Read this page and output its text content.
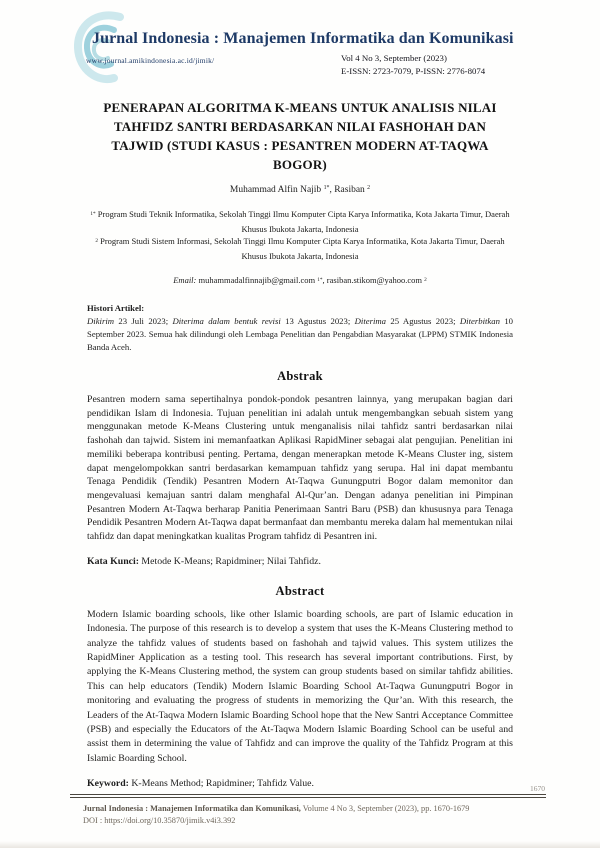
Jurnal Indonesia : Manajemen Informatika dan Komunikasi
www.journal.amikindonesia.ac.id/jimik/	Vol 4 No 3, September (2023)
E-ISSN: 2723-7079, P-ISSN: 2776-8074
PENERAPAN ALGORITMA K-MEANS UNTUK ANALISIS NILAI TAHFIDZ SANTRI BERDASARKAN NILAI FASHOHAH DAN TAJWID (STUDI KASUS : PESANTREN MODERN AT-TAQWA BOGOR)
Muhammad Alfin Najib $^{1*}$, Rasiban $^2$
$^{1*}$ Program Studi Teknik Informatika, Sekolah Tinggi Ilmu Komputer Cipta Karya Informatika, Kota Jakarta Timur, Daerah Khusus Ibukota Jakarta, Indonesia
$^2$ Program Studi Sistem Informasi, Sekolah Tinggi Ilmu Komputer Cipta Karya Informatika, Kota Jakarta Timur, Daerah Khusus Ibukota Jakarta, Indonesia
Email: muhammadalfinnajib@gmail.com $^{1*}$, rasiban.stikom@yahoo.com $^2$
Histori Artikel:
Dikirim 23 Juli 2023; Diterima dalam bentuk revisi 13 Agustus 2023; Diterima 25 Agustus 2023; Diterbitkan 10 September 2023. Semua hak dilindungi oleh Lembaga Penelitian dan Pengabdian Masyarakat (LPPM) STMIK Indonesia Banda Aceh.
Abstrak

Pesantren modern sama sepertihalnya pondok-pondok pesantren lainnya, yang merupakan bagian dari pendidikan Islam di Indonesia. Tujuan penelitian ini adalah untuk mengembangkan sebuah sistem yang menggunakan metode K-Means Clustering untuk menganalisis nilai tahfidz santri berdasarkan nilai fashohah dan tajwid. Sistem ini memanfaatkan Aplikasi RapidMiner sebagai alat pengujian. Penelitian ini memiliki beberapa kontribusi penting. Pertama, dengan menerapkan metode K-Means Cluster ing, sistem dapat mengelompokkan santri berdasarkan kemampuan tahfidz yang serupa. Hal ini dapat membantu Tenaga Pendidik (Tendik) Pesantren Modern At-Taqwa Gunungputri Bogor dalam memonitor dan mengevaluasi kemajuan santri dalam menghafal Al-Qur’an. Dengan adanya penelitian ini Pimpinan Pesantren Modern At-Taqwa berharap Panitia Penerimaan Santri Baru (PSB) dan khususnya para Tenaga Pendidik Pesantren Modern At-Taqwa dapat bermanfaat dan membantu mereka dalam hal mementukan nilai tahfidz dan dapat meningkatkan kualitas Program tahfidz di Pesantren ini.

Kata Kunci: Metode K-Means; Rapidminer; Nilai Tahfidz.

Abstract

Modern Islamic boarding schools, like other Islamic boarding schools, are part of Islamic education in Indonesia. The purpose of this research is to develop a system that uses the K-Means Clustering method to analyze the tahfidz values of students based on fashohah and tajwid values. This system utilizes the RapidMiner Application as a testing tool. This research has several important contributions. First, by applying the K-Means Clustering method, the system can group students based on similar tahfidz abilities. This can help educators (Tendik) Modern Islamic Boarding School At-Taqwa Gunungputri Bogor in monitoring and evaluating the progress of students in memorizing the Qur’an. With this research, the Leaders of the At-Taqwa Modern Islamic Boarding School hope that the New Santri Acceptance Committee (PSB) and especially the Educators of the At-Taqwa Modern Islamic Boarding School can be useful and assist them in determining the value of Tahfidz and can improve the quality of the Tahfidz Program at this Islamic Boarding School.

Keyword: K-Means Method; Rapidminer; Tahfidz Value.	1670
Jurnal Indonesia : Manajemen Informatika dan Komunikasi, Volume 4 No 3, September (2023), pp. 1670-1679
DOI : https://doi.org/10.35870/jimik.v4i3.392
